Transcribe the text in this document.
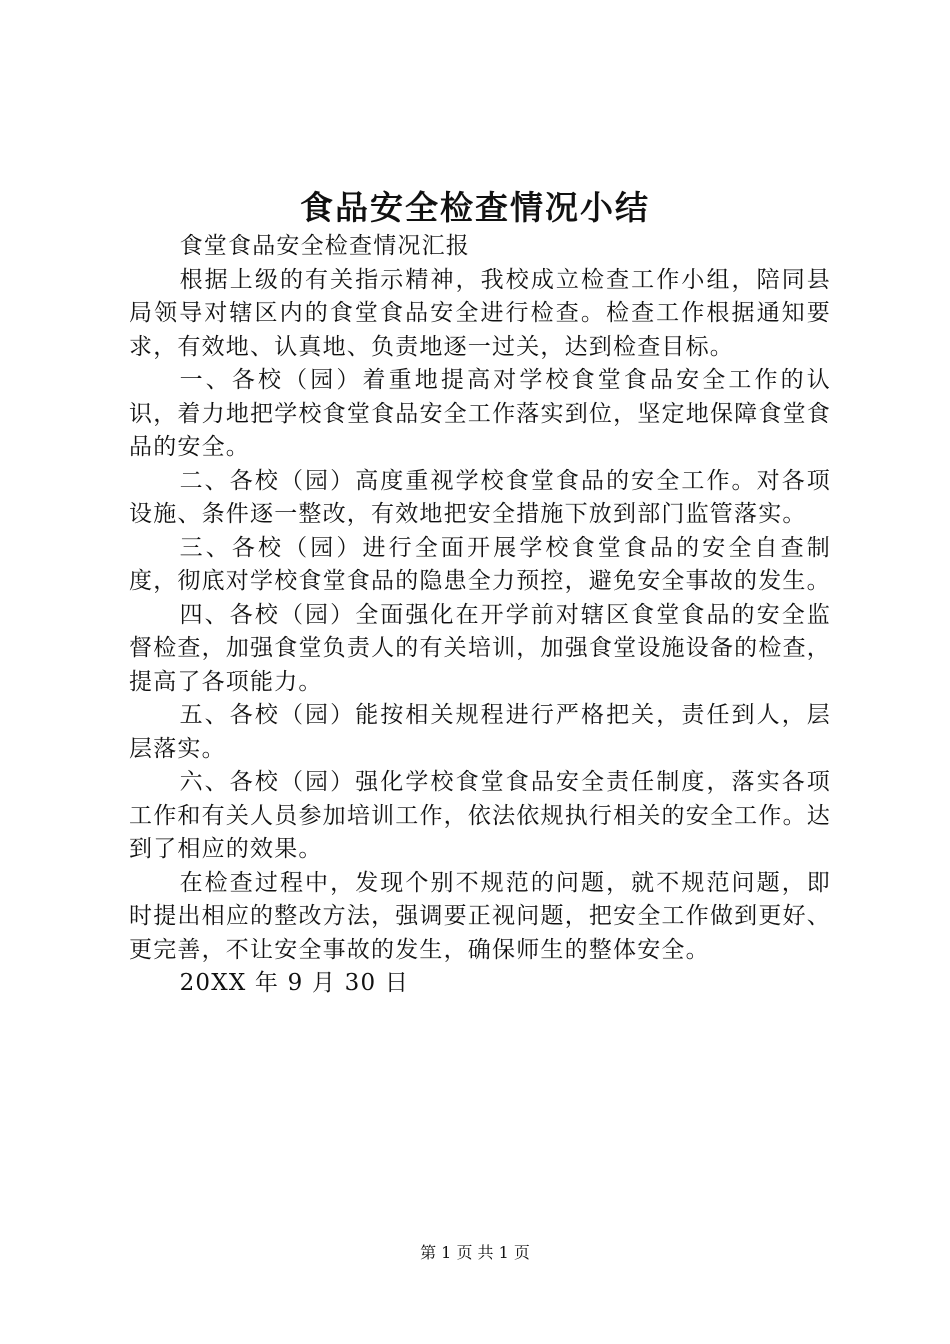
食品安全检查情况小结

食堂食品安全检查情况汇报

根据上级的有关指示精神，我校成立检查工作小组，陪同县局领导对辖区内的食堂食品安全进行检查。检查工作根据通知要求，有效地、认真地、负责地逐一过关，达到检查目标。

一、各校（园）着重地提高对学校食堂食品安全工作的认识，着力地把学校食堂食品安全工作落实到位，坚定地保障食堂食品的安全。

二、各校（园）高度重视学校食堂食品的安全工作。对各项设施、条件逐一整改，有效地把安全措施下放到部门监管落实。

三、各校（园）进行全面开展学校食堂食品的安全自查制度，彻底对学校食堂食品的隐患全力预控，避免安全事故的发生。

四、各校（园）全面强化在开学前对辖区食堂食品的安全监督检查，加强食堂负责人的有关培训，加强食堂设施设备的检查，提高了各项能力。

五、各校（园）能按相关规程进行严格把关，责任到人，层层落实。

六、各校（园）强化学校食堂食品安全责任制度，落实各项工作和有关人员参加培训工作，依法依规执行相关的安全工作。达到了相应的效果。

在检查过程中，发现个别不规范的问题，就不规范问题，即时提出相应的整改方法，强调要正视问题，把安全工作做到更好、更完善，不让安全事故的发生，确保师生的整体安全。

20XX 年 9 月 30 日

第 1 页 共 1 页
